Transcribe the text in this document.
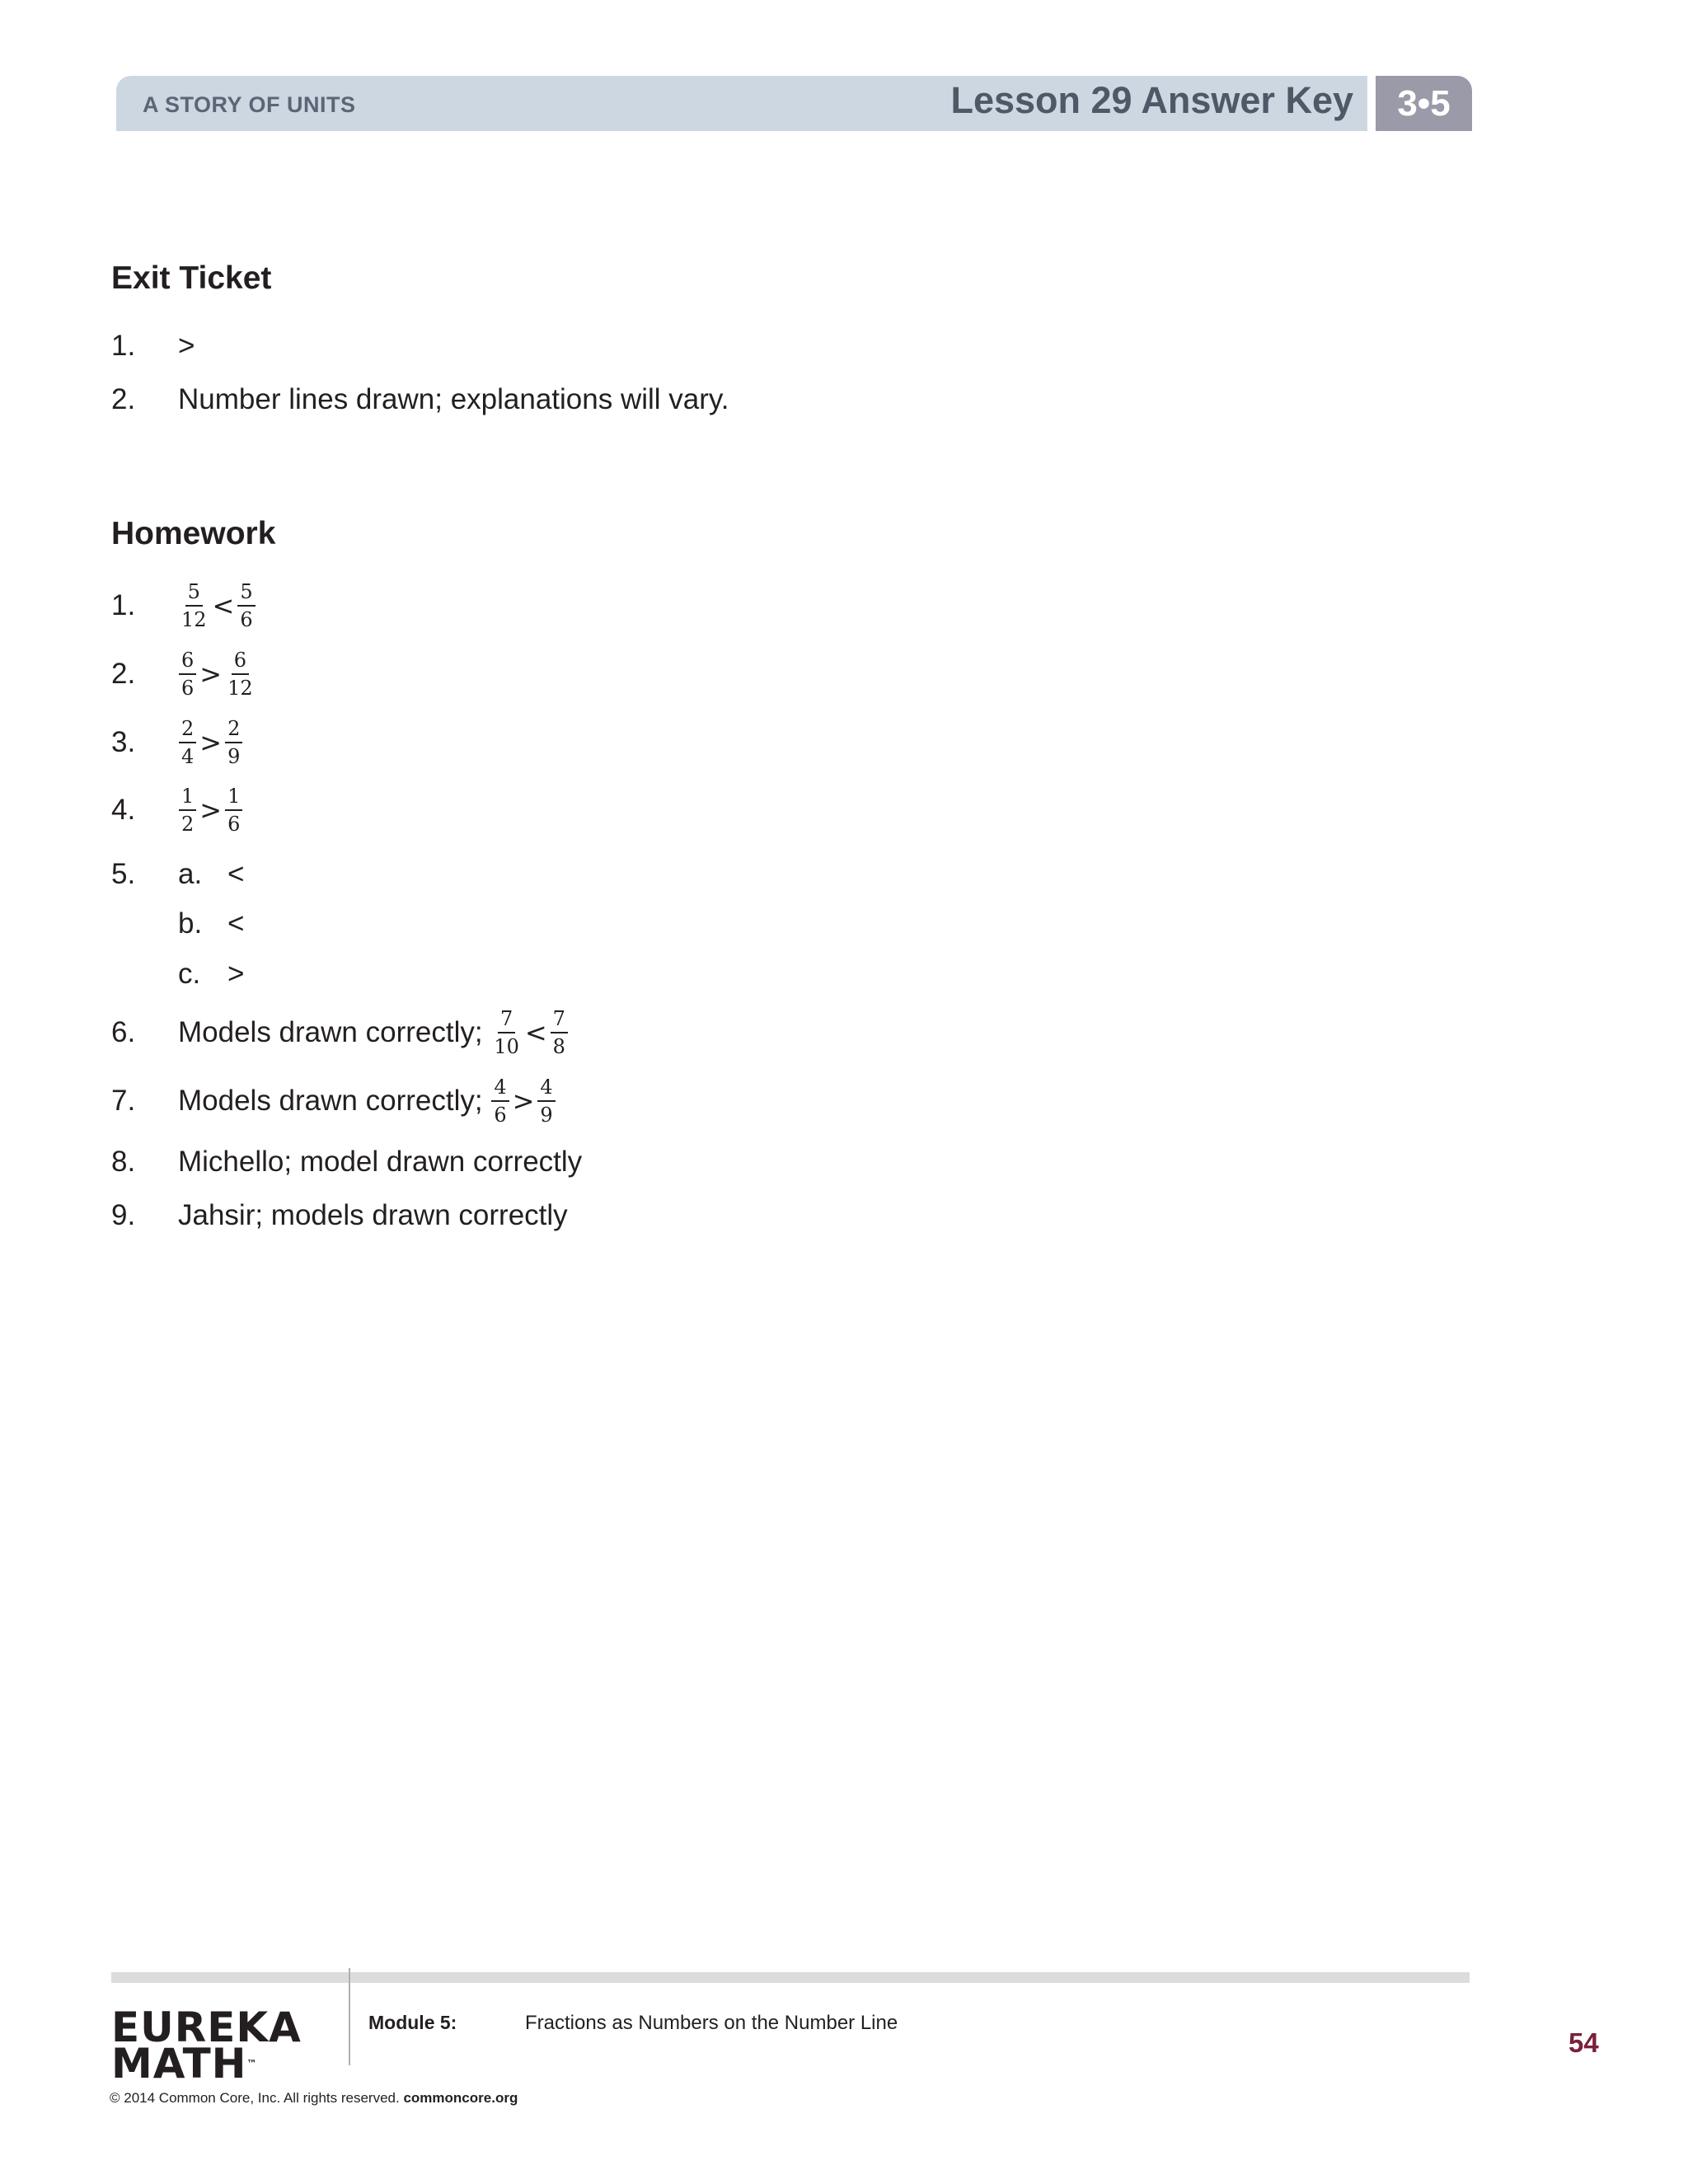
A STORY OF UNITS	Lesson 29 Answer Key	3•5
Exit Ticket
1.	>
2.	Number lines drawn; explanations will vary.
Homework
1.	$\frac{5}{12} < \frac{5}{6}$
2.	$\frac{6}{6} > \frac{6}{12}$
3.	$\frac{2}{4} > \frac{2}{9}$
4.	$\frac{1}{2} > \frac{1}{6}$
5.	a. <
b. <
c. >
6.	Models drawn correctly;
$\frac{7}{10} < \frac{7}{8}$
7.	Models drawn correctly;
$\frac{4}{6} > \frac{4}{9}$
8.	Michello; model drawn correctly
9.	Jahsir; models drawn correctly
EUREKA
MATH™
Module 5:	Fractions as Numbers on the Number Line
© 2014 Common Core, Inc. All rights reserved. commoncore.org
54
